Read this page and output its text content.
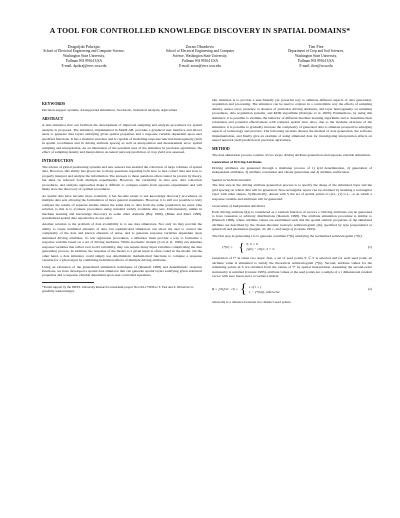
A TOOL FOR CONTROLLED KNOWLEDGE DISCOVERY IN SPATIAL DOMAINS*
Dragoljub Pokrajac
School of Electrical Engineering and Computer Science,
Washington State University,
Pullman WA 99164 USA
E-mail: dpokraj@eecs.wsu.edu
Zoran Obradovic
School of Electrical Engineering and Computer
Science, Washington State University,
Pullman WA 99164 USA
E-mail: zoran@eecs.wsu.edu
Tim Fiez
Department of Crop and Soil Sciences,
Washington State University,
Pullman WA 99164 USA
E-mail: tfiez@wsu.edu
KEYWORDS

Decision-support systems, AI-supported simulation, Stochastic, Statistical analysis, Agriculture

ABSTRACT

A data simulator that can facilitate the development of improved sampling and analysis procedures for spatial analysis is proposed. The simulator, implemented in MATLAB, provides a graphical user interface and allows users to generate data layers satisfying given spatial properties and a response variable dependent upon user specified functions. It has a modular structure and is capable of modelling response function heterogeneity (both in spatial coordinates and in driving attribute spaces) as well as interpolation and measurement error, spatial sampling and interpolation. As an illustration of the potential uses of the simulator in precision agriculture, the effect of sampling density and interpolation on neural network prediction of crop yield was assessed.

INTRODUCTION

The advent of global positioning systems and new sensors has enabled the collection of large volumes of spatial data. However, this ability has given rise to many questions regarding both how to best collect data and how to properly interpret and analyze the information. The answers to these questions often cannot be proven by theory, but must be inferred from multiple experiments. However, the variability in data sets, data collection procedures, and analysis approaches make it difficult to compare results from separate experiments and will likely slow the discovery of optimal procedures.

As spatial data have become more available, it has become easier to test knowledge discovery procedures on multiple data sets allowing the formulation of more general statements. However, it is still not possible to truly compare the results of separate studies unless the same data or data from the same population are used. One solution to this is to evaluate procedures using standard widely available data sets. Unfortunately, unlike in machine learning and knowledge discovery in some other domains (Bay 1999), (Blake and Merz 1998), standardized spatial data repositories do not exist.

Another solution to the problem of data availability is to use data simulators. Not only do they provide the ability to create unlimited amounts of data, but sophisticated simulators can allow the user to control the complexity of the data and known amounts of noise, and to generate response variables dependent upon simulated driving attributes. To test regression procedures, a simulator must provide a way to formulate a response variable based on a set of driving attributes. While stochastic models (Cott et al. 1999) can simulate response variables that reflect real world variability, they can require many input variables complicating the data generating process. In addition, the response of the model to a given input is often coded in the model. On the other hand, a data simulator could simply use deterministic mathematical functions to compute a response variable for a given input by combining individual effects of multiple driving attributes.

Using an extension of the generalized simulation techniques of (Deutsch 1998) and deterministic response functions, we have developed a spatial data simulator that can generate spatial layers satisfying given statistical properties and a response variable dependent upon user-controlled equations.

*Partial support by the INEEL University Research Consortium project No.C94-175936 to T. Fiez and Z. Obradovic is gratefully acknowledged.

Our intention is to provide a user-friendly yet powerful way to simulate different aspects of data generation, acquisition and processing. The simulator can be used to explore in a controllable way the effects of sampling density, sensor error, presence or absence of particular driving attributes, and layer heterogeneity on sampling procedures, data acquisition systems, and KDD algorithms (Pokrajac et al. 2000). Furthermore, by using this simulator, it is possible to examine the behavior of different machine learning algorithms and to determine their robustness and potential effectiveness with complex spatial data. Also, due to the modular structure of the simulator, it is possible to gradually increase the complexity of generated data to simulate prospective emerging aspects of technology and practice. The following sections discuss the method of data generation, the software implementation, and finally give an example of using simulated data for investigating interpolation effects on neural network yield prediction in precision agriculture.

METHOD

The data simulation process consists of two steps: driving attribute generation and response variable simulation.

Generation of Driving Attributes

Driving attributes are generated through a multistep process of 1) grid determination, 2) generation of independent attributes, 3) attribute correlation and cluster generation and 4) attribute verification.

Spatial Grid Determination

The first step in the driving attribute generation process is to specify the shape of the simulated layer and the grid spacing on which data will be generated. Non-rectangular layers can be obtained by masking a rectangular layer with other shapes. Symbolically, denote with S the set of spatial points s1=(x1, y1) i=1,...,n on which a response variable and attributes will be generated.

Generation of Independent Attributes

Each driving attribute fj(s) is considered as a random function of vectors s. Driving attributes can be generated to have Gaussian or arbitrary distributions (Deutsch 1998). The attribute simulation procedure is similar to (Deutsch 1998), where attribute values are established such that the spatial statistic properties of the simulated attribute are described by the chosen theoretic isotropic semivariogram γ(h), specified by type (exponential or spherical) and parameters (nugget, c0, sill c, and range a) (Cressie 1993).

The first step in generating f is to generate a number f*(h) satisfying the normalized semivariogram γ*(h):

γ*(h) = { 0, h = 0
[γ(h) − c0]/c, h > 0
(1)

Generation of f* in taken two steps: first, a set of seed points S' ⊂ S is selected and for each seed point, an attribute value is simulated to satisfy the theoretical semivariogram γ*(h). Second, attribute values for the remaining points in S are obtained from the values of f* by spatial interpolation. Assuming the second-order stationarity is satisfied (Cressie 1993), attribute values at the seed points are a sample of a r dimensional random vector with zero mean and a covariance matrix

R = [rij]rxr , rij = { 1, if i = j
1 − γ*(hij), otherwise
(2)

where hij is a distance between two distinct seed points.
